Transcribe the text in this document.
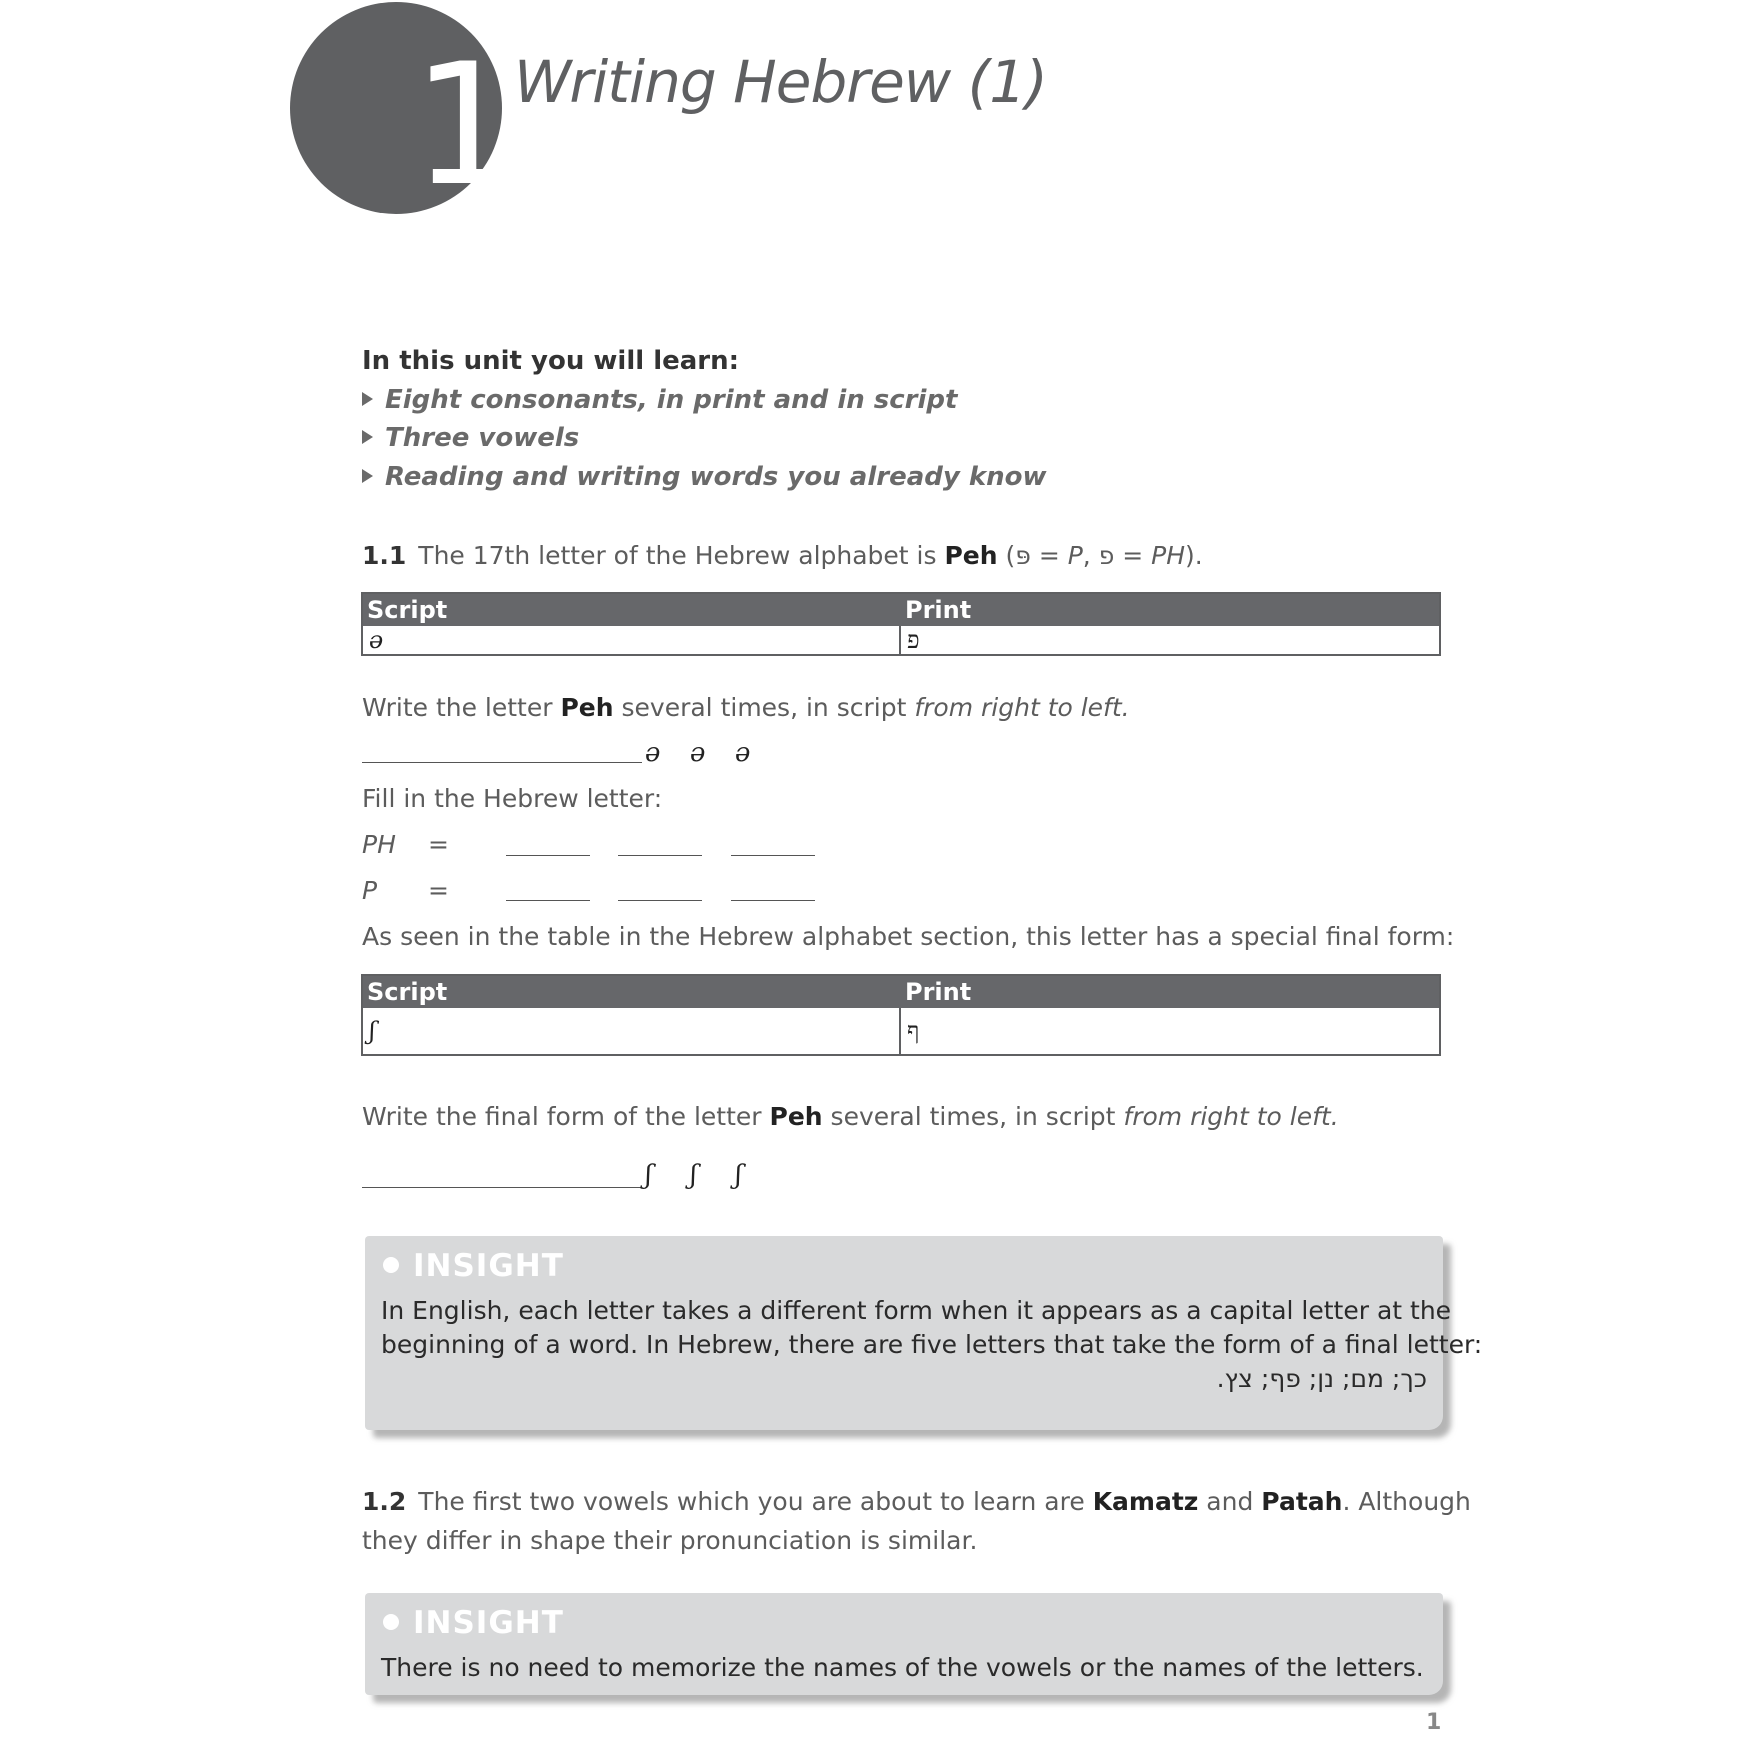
1 Writing Hebrew (1)
In this unit you will learn:
Eight consonants, in print and in script
Three vowels
Reading and writing words you already know
1.1 The 17th letter of the Hebrew alphabet is Peh (פּ = P, פ = PH).
Script	Print
ə	פ
Write the letter Peh several times, in script from right to left.
ə ə ə
Fill in the Hebrew letter:
PH =
P =
As seen in the table in the Hebrew alphabet section, this letter has a special final form:
Script	Print
ʃ	ף
Write the final form of the letter Peh several times, in script from right to left.
ʃ ʃ ʃ
INSIGHT
In English, each letter takes a different form when it appears as a capital letter at the
beginning of a word. In Hebrew, there are five letters that take the form of a final letter:
כך; מם; נן; פף; צץ.
1.2 The first two vowels which you are about to learn are Kamatz and Patah. Although
they differ in shape their pronunciation is similar.
INSIGHT
There is no need to memorize the names of the vowels or the names of the letters.
1
